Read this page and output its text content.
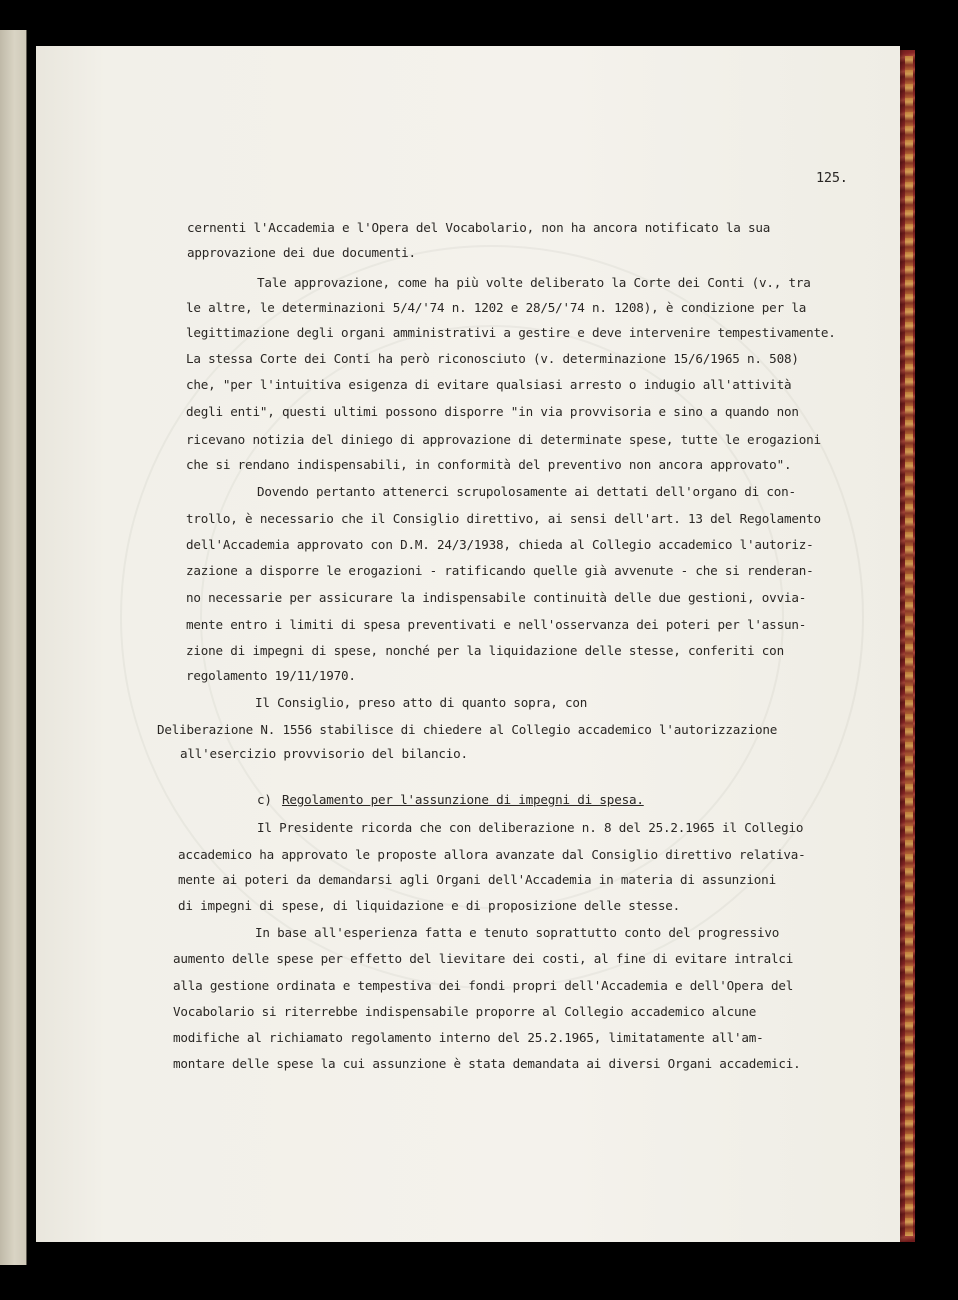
125.
cernenti l'Accademia e l'Opera del Vocabolario, non ha ancora notificato la sua
approvazione dei due documenti.
Tale approvazione, come ha più volte deliberato la Corte dei Conti (v., tra
le altre, le determinazioni 5/4/'74 n. 1202 e 28/5/'74 n. 1208), è condizione per la
legittimazione degli organi amministrativi a gestire e deve intervenire tempestivamente.
La stessa Corte dei Conti ha però riconosciuto (v. determinazione 15/6/1965 n. 508)
che, "per l'intuitiva esigenza di evitare qualsiasi arresto o indugio all'attività
degli enti", questi ultimi possono disporre "in via provvisoria e sino a quando non
ricevano notizia del diniego di approvazione di determinate spese, tutte le erogazioni
che si rendano indispensabili, in conformità del preventivo non ancora approvato".
Dovendo pertanto attenerci scrupolosamente ai dettati dell'organo di con-
trollo, è necessario che il Consiglio direttivo, ai sensi dell'art. 13 del Regolamento
dell'Accademia approvato con D.M. 24/3/1938, chieda al Collegio accademico l'autoriz-
zazione a disporre le erogazioni - ratificando quelle già avvenute - che si renderan-
no necessarie per assicurare la indispensabile continuità delle due gestioni, ovvia-
mente entro i limiti di spesa preventivati e nell'osservanza dei poteri per l'assun-
zione di impegni di spese, nonché per la liquidazione delle stesse, conferiti con
regolamento 19/11/1970.
Il Consiglio, preso atto di quanto sopra, con
Deliberazione N. 1556 stabilisce di chiedere al Collegio accademico l'autorizzazione
all'esercizio provvisorio del bilancio.
c) Regolamento per l'assunzione di impegni di spesa.
Il Presidente ricorda che con deliberazione n. 8 del 25.2.1965 il Collegio
accademico ha approvato le proposte allora avanzate dal Consiglio direttivo relativa-
mente ai poteri da demandarsi agli Organi dell'Accademia in materia di assunzioni
di impegni di spese, di liquidazione e di proposizione delle stesse.
In base all'esperienza fatta e tenuto soprattutto conto del progressivo
aumento delle spese per effetto del lievitare dei costi, al fine di evitare intralci
alla gestione ordinata e tempestiva dei fondi propri dell'Accademia e dell'Opera del
Vocabolario si riterrebbe indispensabile proporre al Collegio accademico alcune
modifiche al richiamato regolamento interno del 25.2.1965, limitatamente all'am-
montare delle spese la cui assunzione è stata demandata ai diversi Organi accademici.
